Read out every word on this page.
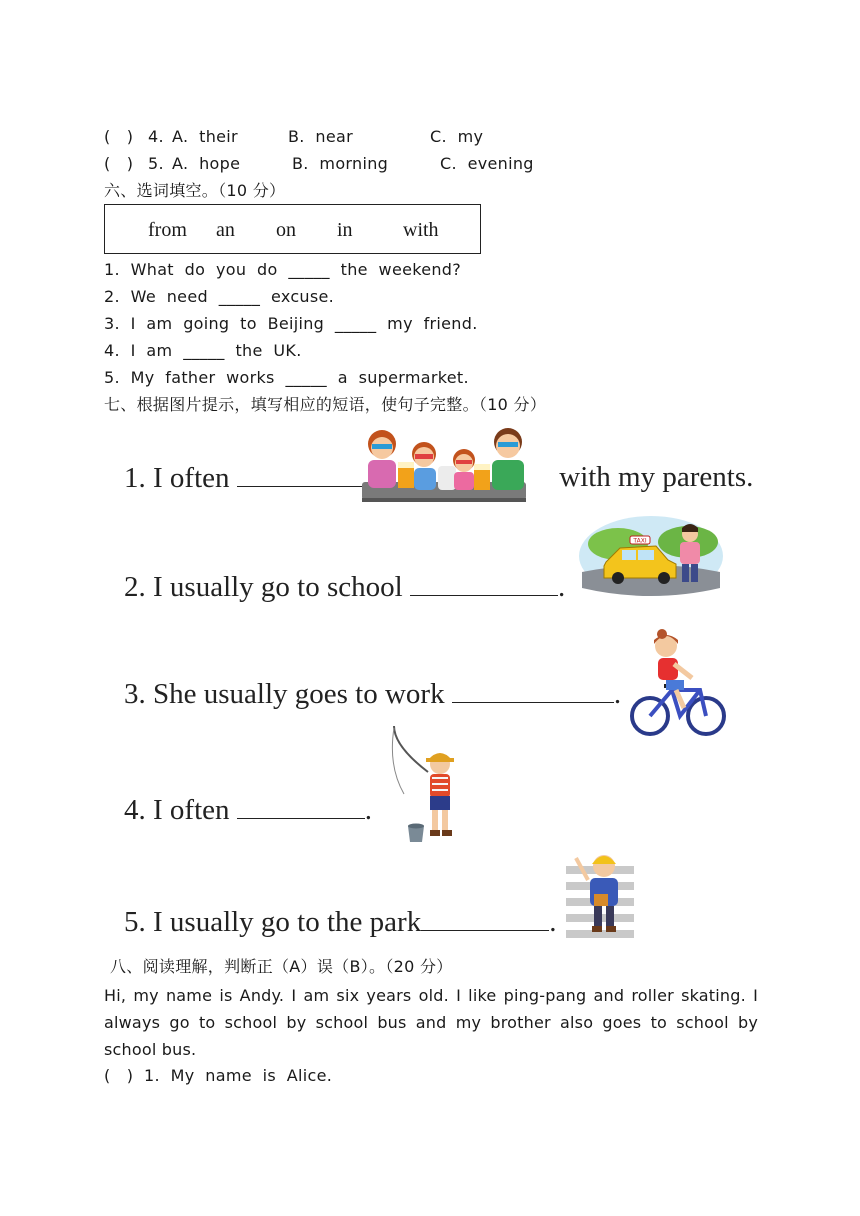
(   ) 4. A.  their	B.  near	C.  my
(   ) 5. A.  hope	B.  morning	C.  evening
六、选词填空。（10 分）
from an on in	with
1.  What  do  you  do  _____  the  weekend?
2.  We  need  _____  excuse.
3.  I  am  going  to  Beijing  _____  my  friend.
4.  I  am  _____  the  UK.
5.  My  father  works  _____  a  supermarket.
七、根据图片提示，填写相应的短语，使句子完整。（10 分）
1. I often	with my parents.
2. I usually go to school	.
3. She usually goes to work	.
4. I often	.
5. I usually go to the park	.
TAXI
八、阅读理解，判断正（A）误（B）。（20 分）
Hi, my name is Andy. I am six years old. I like ping-pang and roller skating. I always go to school by school bus and my brother also goes to school by school bus.
(   )  1.  My  name  is  Alice.
